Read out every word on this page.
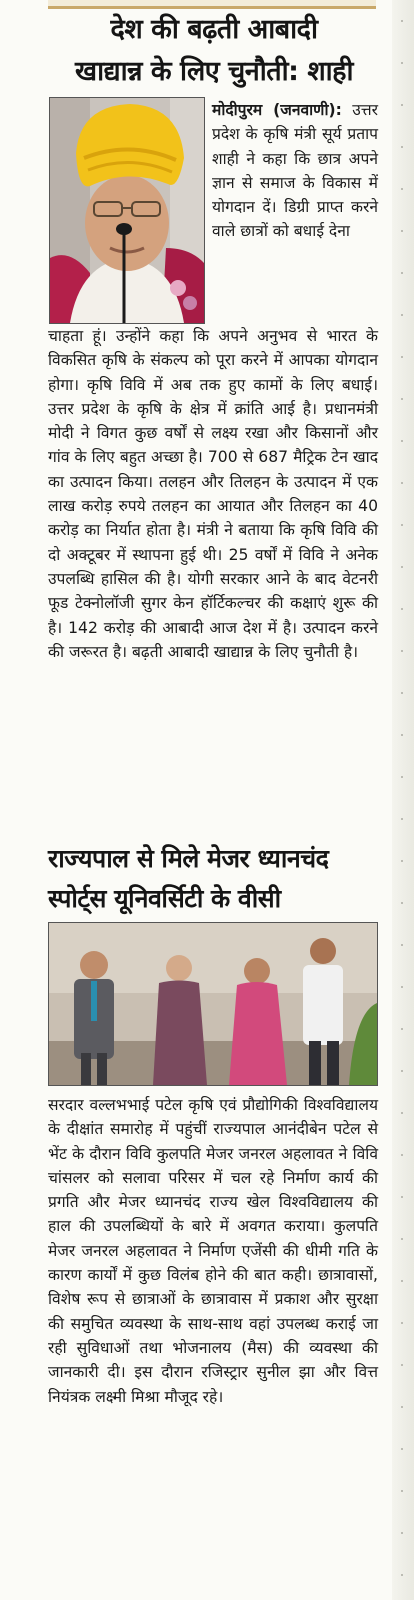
देश की बढ़ती आबादी
खाद्यान्न के लिए चुनौती: शाही

मोदीपुरम (जनवाणी): उत्तर प्रदेश के कृषि मंत्री सूर्य प्रताप शाही ने कहा कि छात्र अपने ज्ञान से समाज के विकास में योगदान दें। डिग्री प्राप्त करने वाले छात्रों को बधाई देना

चाहता हूं। उन्होंने कहा कि अपने अनुभव से भारत के विकसित कृषि के संकल्प को पूरा करने में आपका योगदान होगा। कृषि विवि में अब तक हुए कामों के लिए बधाई। उत्तर प्रदेश के कृषि के क्षेत्र में क्रांति आई है। प्रधानमंत्री मोदी ने विगत कुछ वर्षों से लक्ष्य रखा और किसानों और गांव के लिए बहुत अच्छा है। 700 से 687 मैट्रिक टेन खाद का उत्पादन किया। तलहन और तिलहन के उत्पादन में एक लाख करोड़ रुपये तलहन का आयात और तिलहन का 40 करोड़ का निर्यात होता है। मंत्री ने बताया कि कृषि विवि की दो अक्टूबर में स्थापना हुई थी। 25 वर्षों में विवि ने अनेक उपलब्धि हासिल की है। योगी सरकार आने के बाद वेटनरी फूड टेक्नोलॉजी सुगर केन हॉर्टिकल्चर की कक्षाएं शुरू की है। 142 करोड़ की आबादी आज देश में है। उत्पादन करने की जरूरत है। बढ़ती आबादी खाद्यान्न के लिए चुनौती है।

राज्यपाल से मिले मेजर ध्यानचंद
स्पोर्ट्स यूनिवर्सिटी के वीसी

सरदार वल्लभभाई पटेल कृषि एवं प्रौद्योगिकी विश्वविद्यालय के दीक्षांत समारोह में पहुंचीं राज्यपाल आनंदीबेन पटेल से भेंट के दौरान विवि कुलपति मेजर जनरल अहलावत ने विवि चांसलर को सलावा परिसर में चल रहे निर्माण कार्य की प्रगति और मेजर ध्यानचंद राज्य खेल विश्वविद्यालय की हाल की उपलब्धियों के बारे में अवगत कराया। कुलपति मेजर जनरल अहलावत ने निर्माण एजेंसी की धीमी गति के कारण कार्यों में कुछ विलंब होने की बात कही। छात्रावासों, विशेष रूप से छात्राओं के छात्रावास में प्रकाश और सुरक्षा की समुचित व्यवस्था के साथ-साथ वहां उपलब्ध कराई जा रही सुविधाओं तथा भोजनालय (मैस) की व्यवस्था की जानकारी दी। इस दौरान रजिस्ट्रार सुनील झा और वित्त नियंत्रक लक्ष्मी मिश्रा मौजूद रहे।
